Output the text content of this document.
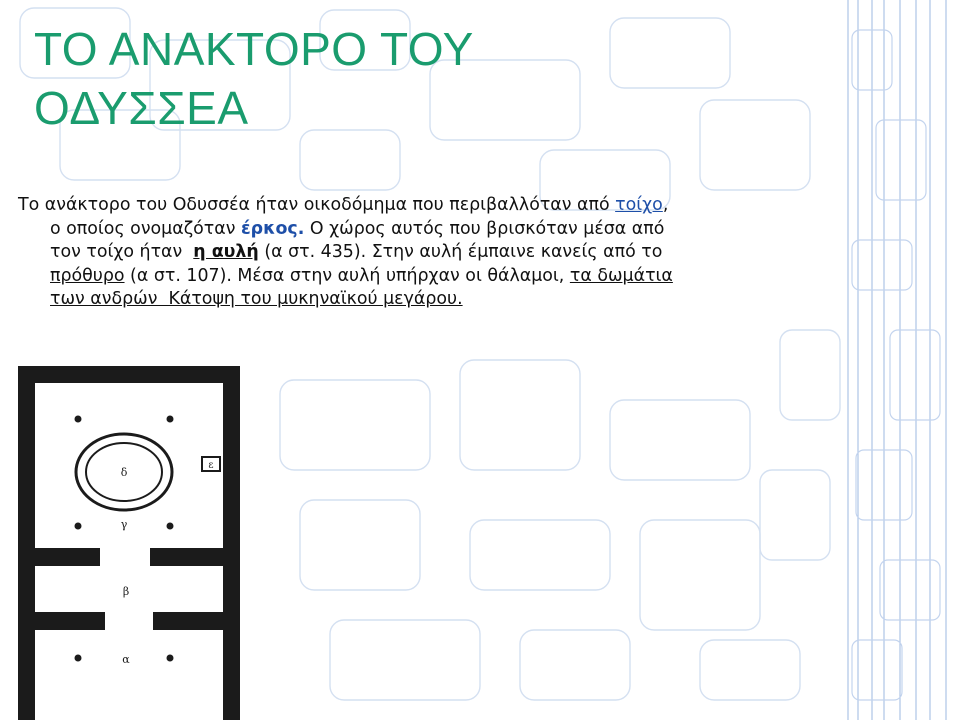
ΤΟ ΑΝΑΚΤΟΡΟ ΤΟΥ
ΟΔΥΣΣΕΑ
Το ανάκτορο του Οδυσσέα ήταν οικοδόμημα που περιβαλλόταν από τοίχο,
ο οποίος ονομαζόταν έρκος. Ο χώρος αυτός που βρισκόταν μέσα από
τον τοίχο ήταν  η αυλή (α στ. 435). Στην αυλή έμπαινε κανείς από το
πρόθυρο (α στ. 107). Μέσα στην αυλή υπήρχαν οι θάλαμοι, τα δωμάτια
των ανδρών  Κάτοψη του μυκηναϊκού μεγάρου.
ε
δ
γ
β
α
